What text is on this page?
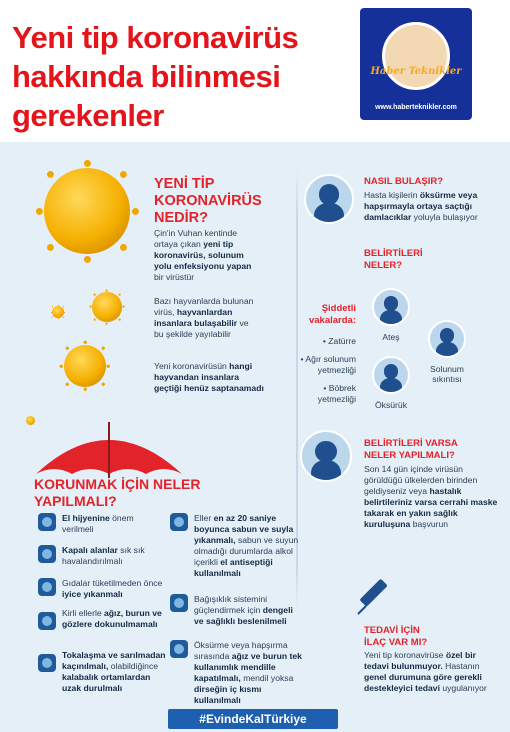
Yeni tip koronavirüs
hakkında bilinmesi
gerekenler
Haber Teknikler
www.haberteknikler.com
YENİ TİP
KORONAVİRÜS
NEDİR?
Çin'in Vuhan kentinde ortaya çıkan yeni tip koronavirüs, solunum yolu enfeksiyonu yapan bir virüstür
Bazı hayvanlarda bulunan virüs, hayvanlardan insanlara bulaşabilir ve bu şekilde yayılabilir
Yeni koronavirüsün hangi hayvandan insanlara geçtiği henüz saptanamadı
NASIL BULAŞIR?
Hasta kişilerin öksürme veya hapşırmayla ortaya saçtığı damlacıklar yoluyla bulaşıyor
BELİRTİLERİ
NELER?
Şiddetli
vakalarda:
• Zatürre
• Ağır solunum yetmezliği
• Böbrek yetmezliği
Ateş
Solunum sıkıntısı
Öksürük
BELİRTİLERİ VARSA
NELER YAPILMALI?
Son 14 gün içinde virüsün görüldüğü ülkelerden birinden geldiyseniz veya hastalık belirtileriniz varsa cerrahi maske takarak en yakın sağlık kuruluşuna başvurun
KORUNMAK İÇİN NELER
YAPILMALI?
El hijyenine önem verilmeli
Kapalı alanlar sık sık havalandırılmalı
Gıdalar tüketilmeden önce iyice yıkanmalı
Kirli ellerle ağız, burun ve gözlere dokunulmamalı
Tokalaşma ve sarılmadan kaçınılmalı, olabildiğince kalabalık ortamlardan uzak durulmalı
Eller en az 20 saniye boyunca sabun ve suyla yıkanmalı, sabun ve suyun olmadığı durumlarda alkol içerikli el antiseptiği kullanılmalı
Bağışıklık sistemini güçlendirmek için dengeli ve sağlıklı beslenilmeli
Öksürme veya hapşırma sırasında ağız ve burun tek kullanımlık mendille kapatılmalı, mendil yoksa dirseğin iç kısmı kullanılmalı
TEDAVİ İÇİN
İLAÇ VAR MI?
Yeni tip koronavirüse özel bir tedavi bulunmuyor. Hastanın genel durumuna göre gerekli destekleyici tedavi uygulanıyor
#EvindeKalTürkiye
